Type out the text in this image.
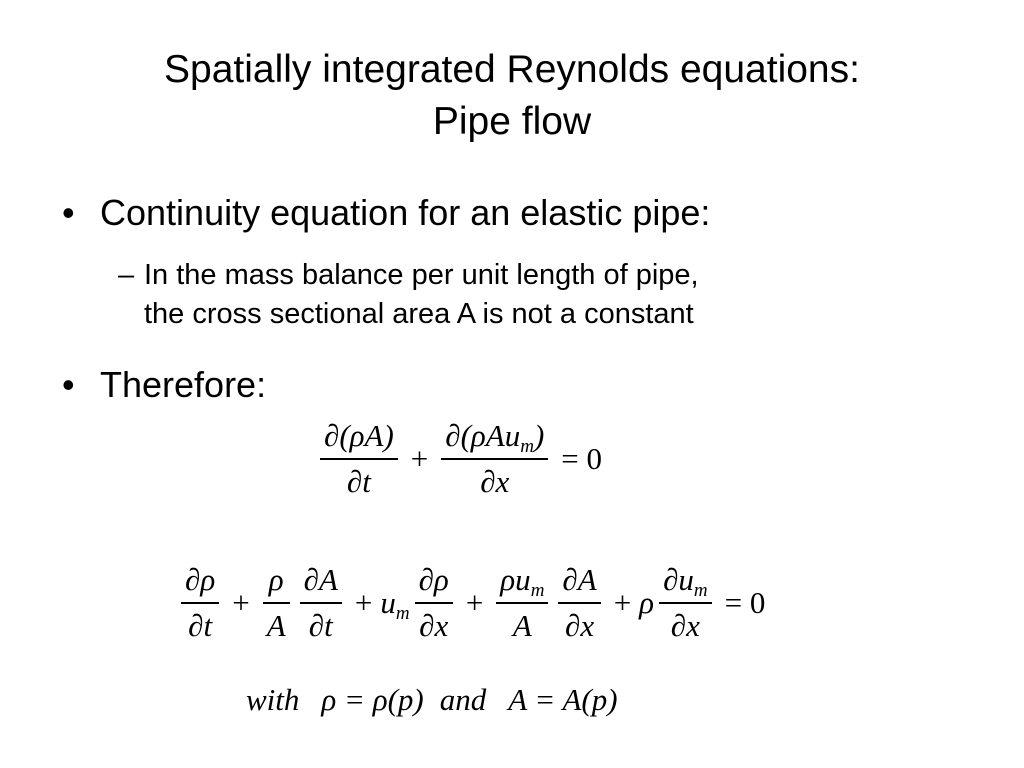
Spatially integrated Reynolds equations:
Pipe flow
• Continuity equation for an elastic pipe:
– In the mass balance per unit length of pipe,
the cross sectional area A is not a constant
• Therefore:
$\frac{\partial(\rho A)}{\partial t} + \frac{\partial(\rho Au_m)}{\partial x} = 0$
$\frac{\partial\rho}{\partial t} + \frac{\rho}{A} \frac{\partial A}{\partial t} + u_m \frac{\partial\rho}{\partial x} + \frac{\rho u_m}{A} \frac{\partial A}{\partial x} + \rho \frac{\partial u_m}{\partial x} = 0$
with ρ = ρ(p) and A = A(p)
